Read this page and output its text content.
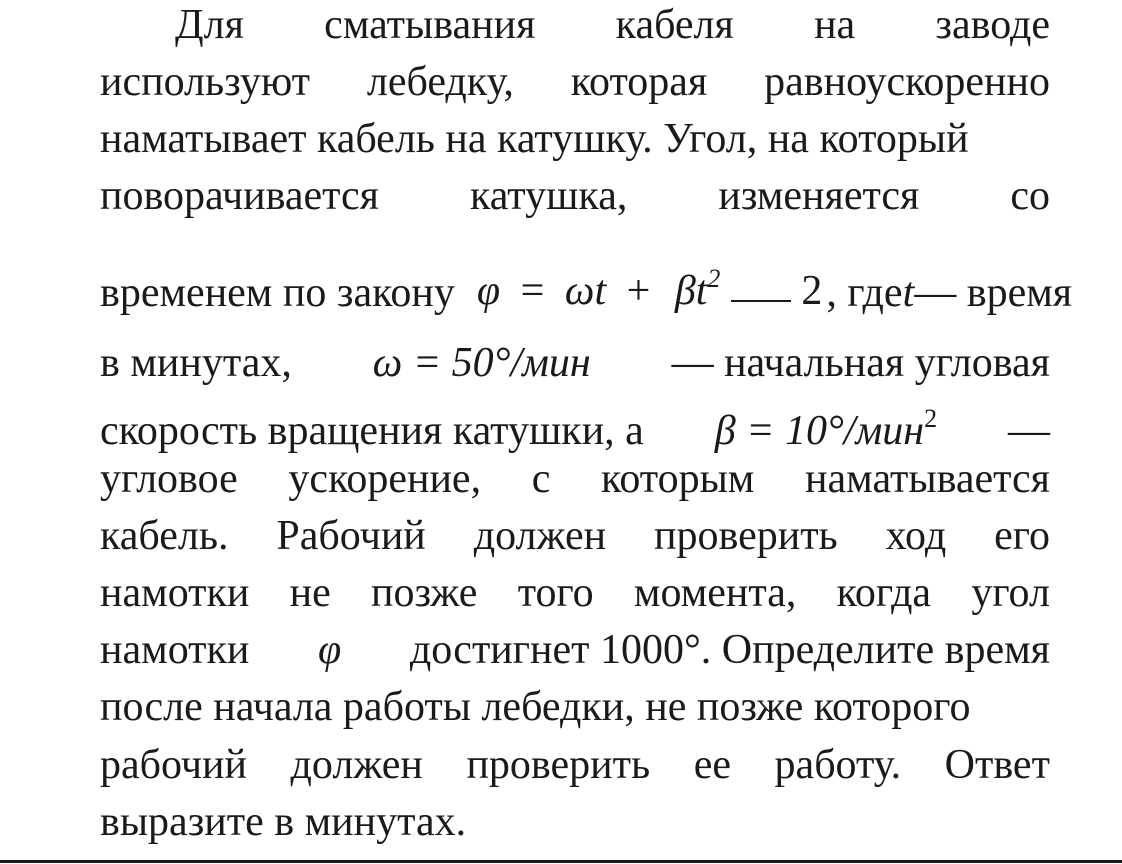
Для сматывания кабеля на заводе
используют лебедку, которая равноускоренно
наматывает кабель на катушку. Угол, на который
поворачивается катушка, изменяется со
временем по закону $\varphi = \omega t + \beta t^2$ 2 , где t — время
в минутах, ω = 50°/мин — начальная угловая
скорость вращения катушки, а β = 10°/мин$^2$ —
угловое ускорение, с которым наматывается
кабель. Рабочий должен проверить ход его
намотки не позже того момента, когда угол
намотки φ достигнет 1000°. Определите время
после начала работы лебедки, не позже которого
рабочий должен проверить ее работу. Ответ
выразите в минутах.
